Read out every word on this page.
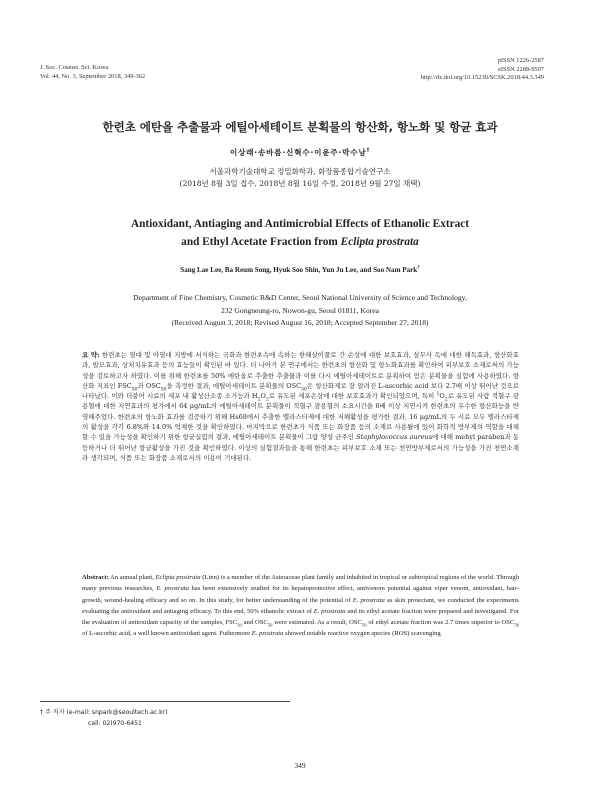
J. Soc. Cosmet. Sci. Korea
Vol. 44, No. 3, September 2018, 349-362
pISSN 1226-2587
eISSN 2288-9507
http://dx.doi.org/10.15230/SCSK.2018.44.3.349
한련초 에탄올 추출물과 에틸아세테이트 분획물의 항산화, 항노화 및 항균 효과
이상래·송바름·신혁수·이윤주·박수남†
서울과학기술대학교 정밀화학과, 화장품종합기술연구소
(2018년 8월 3일 접수, 2018년 8월 16일 수정, 2018년 9월 27일 채택)
Antioxidant, Antiaging and Antimicrobial Effects of Ethanolic Extract
and Ethyl Acetate Fraction from Eclipta prostrata
Sang Lae Lee, Ba Reum Song, Hyuk Soo Shin, Yun Ju Lee, and Soo Nam Park†
Department of Fine Chemistry, Cosmetic R&D Center, Seoul National University of Science and Technology,
232 Gongneung-ro, Nowon-gu, Seoul 01811, Korea
(Received August 3, 2018; Revised August 16, 2018; Accepted September 27; 2018)
요 약: 한련초는 열대 및 아열대 지방에 서식하는 국화과 한련초속에 속하는 한해살이풀로 간 손상에 대한 보호효과, 살무사 독에 대한 해독효과, 항산화효과, 발모효과, 상처치유효과 등의 효능들이 확인된 바 있다. 더 나아가 본 연구에서는 한련초의 항산화 및 항노화효과를 확인하여 피부보호 소재로써의 가능성을 검토하고자 하였다. 이를 위해 한련초를 50% 에탄올로 추출한 추출물과 이를 다시 에틸아세테이트로 분획하여 얻은 분획물을 실험에 사용하였다. 항산화 지표인 $FSC_{50}$과 $OSC_{50}$을 측정한 결과, 에틸아세테이트 분획물의 $OSC_{50}$은 항산화제로 잘 알려진 L-ascorbic acid 보다 2.7배 이상 뛰어난 것으로 나타났다. 이와 더불어 시료의 세포 내 활성산소종 소거능과 $H_2O_2$로 유도된 세포손상에 대한 보호효과가 확인되었으며, 특히 $^1O_2$로 유도된 사람 적혈구 광용혈에 대한 지연효과의 평가에서 64 μg/mL의 에틸아세테이트 분획물이 적혈구 광용혈의 소요시간을 6배 이상 지연시켜 한련초의 우수한 항산화능을 반영해주었다. 한련초의 항노화 효과를 검증하기 위해 Hs68에서 추출한 엘라스타제에 대한 저해활성을 평가한 결과, 16 μg/mL의 두 시료 모두 엘라스타제의 활성을 각각 6.8%와 14.0% 억제한 것을 확인하였다. 마지막으로 한련초가 식품 또는 화장품 등의 소재로 사용될에 있어 화학적 방부제의 역할을 대체할 수 있을 가능성을 확인하기 위한 항균실험의 결과, 에틸아세테이트 분획물이 그람 양성 균주인 Staphylococcus aureus에 대해 mehyl paraben과 동등하거나 더 뛰어난 항균활성을 가진 것을 확인하였다. 이상의 실험결과들을 통해 한련초는 피부보호 소재 또는 천연방부제로서의 가능성을 가진 천연소재라 생각되며, 식품 또는 화장품 소재로서의 이용이 기대된다.
Abstract: An annual plant, Eclipta prostrata (Linn) is a member of the Asteraceae plant family and inhabited in tropical or subtropical regions of the world. Through many previous researches, E. prostrata has been extensively studied for its hepatoprotective effect, antivenom potential against viper venom, antioxidant, hair-growth, wound-healing efficacy and so on. In this study, for better understanding of the potential of E. prostrata as skin protectant, we conducted the experiments evaluating the antioxidant and antiaging efficacy. To this end, 50% ethanolic extract of E. prostrata and its ethyl acetate fraction were prepared and investigated. For the evaluation of antioxidant capacity of the samples, $FSC_{50}$ and $OSC_{50}$ were estimated. As a result, $OSC_{50}$ of ethyl acetate fraction was 2.7 times superior to $OSC_{50}$ of L-ascorbic acid, a well known antioxidant agent. Futhermore E. prostrata showed notable reactive oxygen species (ROS) scavenging
† 주 저자 (e-mail: snpark@seoultech.ac.kr)
call: 02)970-6451
349
